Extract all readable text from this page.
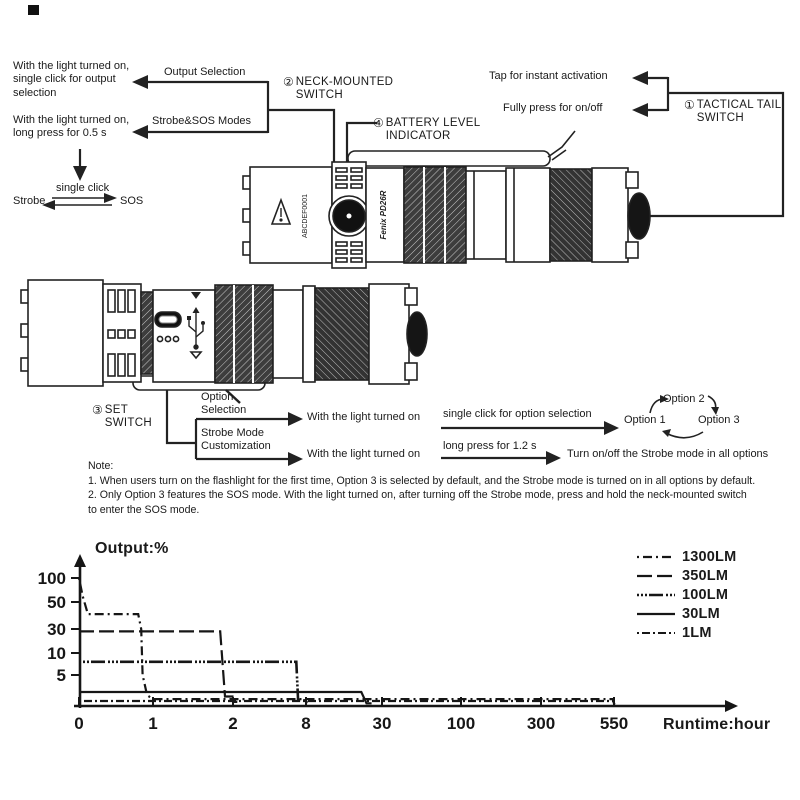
ABCDEF0001	Fenix PD26R
0	1	2	8	30	100	300	550
100
50
30
10
5
With the light turned on, single click for output selection
Output Selection
With the light turned on, long press for 0.5 s
Strobe&SOS Modes
single click
Strobe	SOS
② NECK-MOUNTED SWITCH
④ BATTERY LEVEL INDICATOR
Tap for instant activation
Fully press for on/off	① TACTICAL TAIL SWITCH
③ SET SWITCH
Option Selection
Strobe Mode Customization
With the light turned on single click for option selection	Option 1
Option 2
Option 3
With the light turned on
long press for 1.2 s
Turn on/off the Strobe mode in all options
Note:
1. When users turn on the flashlight for the first time, Option 3 is selected by default, and the Strobe mode is turned on in all options by default.
2. Only Option 3 features the SOS mode. With the light turned on, after turning off the Strobe mode, press and hold the neck-mounted switch
to enter the SOS mode.
Output:%
Runtime:hour
1300LM
350LM
100LM
30LM
1LM
